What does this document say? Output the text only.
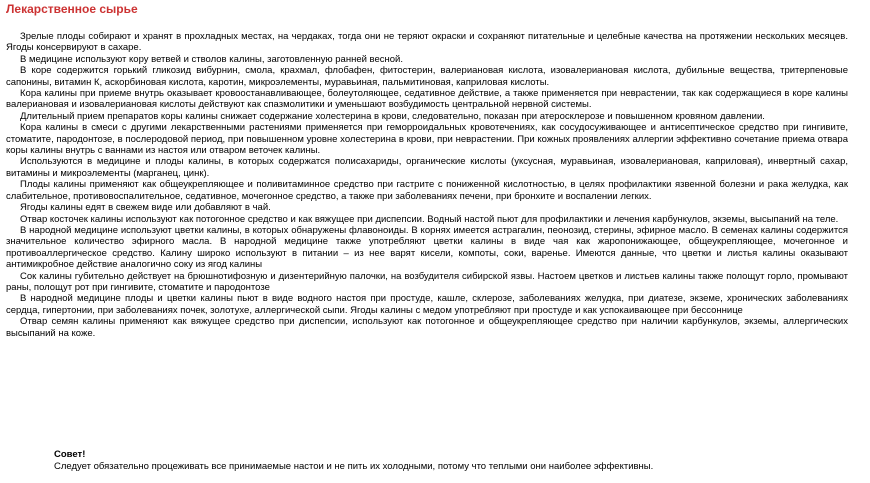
Лекарственное сырье

Зрелые плоды собирают и хранят в прохладных местах, на чердаках, тогда они не теряют окраски и сохраняют питательные и целебные качества на протяжении нескольких месяцев. Ягоды консервируют в сахаре.

В медицине используют кору ветвей и стволов калины, заготовленную ранней весной.

В коре содержится горький гликозид вибурнин, смола, крахмал, флобафен, фитостерин, валериановая кислота, изовалериановая кислота, дубильные вещества, тритерпеновые сапонины, витамин К, аскорбиновая кислота, каротин, микроэлементы, муравьиная, пальмитиновая, каприловая кислоты.

Кора калины при приеме внутрь оказывает кровоостанавливающее, болеутоляющее, седативное действие, а также применяется при неврастении, так как содержащиеся в коре калины валериановая и изовалериановая кислоты действуют как спазмолитики и уменьшают возбудимость центральной нервной системы.

Длительный прием препаратов коры калины снижает содержание холестерина в крови, следовательно, показан при атеросклерозе и повышенном кровяном давлении.

Кора калины в смеси с другими лекарственными растениями применяется при геморроидальных кровотечениях, как сосудосуживающее и антисептическое средство при гингивите, стоматите, пародонтозе, в послеродовой период, при повышенном уровне холестерина в крови, при неврастении. При кожных проявлениях аллергии эффективно сочетание приема отвара коры калины внутрь с ваннами из настоя или отваром веточек калины.

Используются в медицине и плоды калины, в которых содержатся полисахариды, органические кислоты (уксусная, муравьиная, изовалериановая, каприловая), инвертный сахар, витамины и микроэлементы (марганец, цинк).

Плоды калины применяют как общеукрепляющее и поливитаминное средство при гастрите с пониженной кислотностью, в целях профилактики язвенной болезни и рака желудка, как слабительное, противовоспалительное, седативное, мочегонное средство, а также при заболеваниях печени, при бронхите и воспалении легких.

Ягоды калины едят в свежем виде или добавляют в чай.

Отвар косточек калины используют как потогонное средство и как вяжущее при диспепсии. Водный настой пьют для профилактики и лечения карбункулов, экземы, высыпаний на теле.

В народной медицине используют цветки калины, в которых обнаружены флавоноиды. В корнях имеется астрагалин, пеонозид, стерины, эфирное масло. В семенах калины содержится значительное количество эфирного масла. В народной медицине также употребляют цветки калины в виде чая как жаропонижающее, общеукрепляющее, мочегонное и противоаллергическое средство. Калину широко используют в питании – из нее варят кисели, компоты, соки, варенье. Имеются данные, что цветки и листья калины оказывают антимикробное действие аналогично соку из ягод калины

Сок калины губительно действует на брюшнотифозную и дизентерийную палочки, на возбудителя сибирской язвы. Настоем цветков и листьев калины также полощут горло, промывают раны, полощут рот при гингивите, стоматите и пародонтозе

В народной медицине плоды и цветки калины пьют в виде водного настоя при простуде, кашле, склерозе, заболеваниях желудка, при диатезе, экземе, хронических заболеваниях сердца, гипертонии, при заболеваниях почек, золотухе, аллергической сыпи. Ягоды калины с медом употребляют при простуде и как успокаивающее при бессоннице

Отвар семян калины применяют как вяжущее средство при диспепсии, используют как потогонное и общеукрепляющее средство при наличии карбункулов, экземы, аллергических высыпаний на коже.

Совет!

Следует обязательно процеживать все принимаемые настои и не пить их холодными, потому что теплыми они наиболее эффективны.
